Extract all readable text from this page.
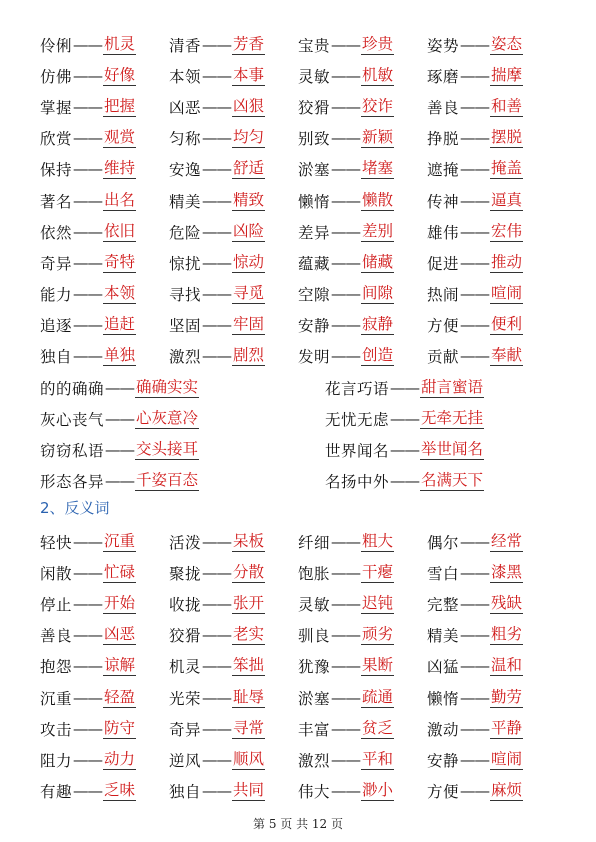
伶俐 —— 机灵 清香 —— 芳香 宝贵 —— 珍贵 姿势 —— 姿态
仿佛 —— 好像 本领 —— 本事 灵敏 —— 机敏 琢磨 —— 揣摩
掌握 —— 把握 凶恶 —— 凶狠 狡猾 —— 狡诈 善良 —— 和善
欣赏 —— 观赏 匀称 —— 均匀 别致 —— 新颖 挣脱 —— 摆脱
保持 —— 维持 安逸 —— 舒适 淤塞 —— 堵塞 遮掩 —— 掩盖
著名 —— 出名 精美 —— 精致 懒惰 —— 懒散 传神 —— 逼真
依然 —— 依旧 危险 —— 凶险 差异 —— 差别 雄伟 —— 宏伟
奇异 —— 奇特 惊扰 —— 惊动 蕴藏 —— 储藏 促进 —— 推动
能力 —— 本领 寻找 —— 寻觅 空隙 —— 间隙 热闹 —— 喧闹
追逐 —— 追赶 坚固 —— 牢固 安静 —— 寂静 方便 —— 便利
独自 —— 单独 激烈 —— 剧烈 发明 —— 创造 贡献 —— 奉献
的的确确 —— 确确实实	花言巧语 —— 甜言蜜语
灰心丧气 —— 心灰意冷	无忧无虑 —— 无牵无挂
窃窃私语 —— 交头接耳	世界闻名 —— 举世闻名
形态各异 —— 千姿百态	名扬中外 —— 名满天下
2、反义词
轻快 —— 沉重 活泼 —— 呆板 纤细 —— 粗大 偶尔 —— 经常
闲散 —— 忙碌 聚拢 —— 分散 饱胀 —— 干瘪 雪白 —— 漆黑
停止 —— 开始 收拢 —— 张开 灵敏 —— 迟钝 完整 —— 残缺
善良 —— 凶恶 狡猾 —— 老实 驯良 —— 顽劣 精美 —— 粗劣
抱怨 —— 谅解 机灵 —— 笨拙 犹豫 —— 果断 凶猛 —— 温和
沉重 —— 轻盈 光荣 —— 耻辱 淤塞 —— 疏通 懒惰 —— 勤劳
攻击 —— 防守 奇异 —— 寻常 丰富 —— 贫乏 激动 —— 平静
阻力 —— 动力 逆风 —— 顺风 激烈 —— 平和 安静 —— 喧闹
有趣 —— 乏味 独自 —— 共同 伟大 —— 渺小 方便 —— 麻烦
第 5 页 共 12 页
